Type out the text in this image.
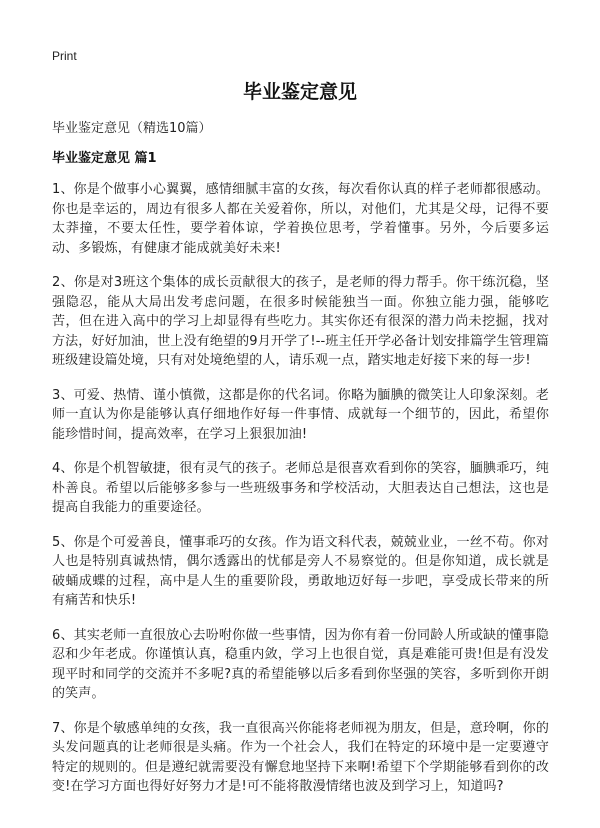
Print
毕业鉴定意见
毕业鉴定意见（精选10篇）
毕业鉴定意见 篇1

1、你是个做事小心翼翼，感情细腻丰富的女孩，每次看你认真的样子老师都很感动。你也是幸运的，周边有很多人都在关爱着你，所以，对他们，尤其是父母，记得不要太莽撞，不要太任性，要学着体谅，学着换位思考，学着懂事。另外，今后要多运动、多锻炼，有健康才能成就美好未来!

2、你是对3班这个集体的成长贡献很大的孩子，是老师的得力帮手。你干练沉稳，坚强隐忍，能从大局出发考虑问题，在很多时候能独当一面。你独立能力强，能够吃苦，但在进入高中的学习上却显得有些吃力。其实你还有很深的潜力尚未挖掘，找对方法，好好加油，世上没有绝望的9月开学了!--班主任开学必备计划安排篇学生管理篇班级建设篇处境，只有对处境绝望的人，请乐观一点，踏实地走好接下来的每一步!

3、可爱、热情、谨小慎微，这都是你的代名词。你略为腼腆的微笑让人印象深刻。老师一直认为你是能够认真仔细地作好每一件事情、成就每一个细节的，因此，希望你能珍惜时间，提高效率，在学习上狠狠加油!

4、你是个机智敏捷，很有灵气的孩子。老师总是很喜欢看到你的笑容，腼腆乖巧，纯朴善良。希望以后能够多参与一些班级事务和学校活动，大胆表达自己想法，这也是提高自我能力的重要途径。

5、你是个可爱善良，懂事乖巧的女孩。作为语文科代表，兢兢业业，一丝不苟。你对人也是特别真诚热情，偶尔透露出的忧郁是旁人不易察觉的。但是你知道，成长就是破蛹成蝶的过程，高中是人生的重要阶段，勇敢地迈好每一步吧，享受成长带来的所有痛苦和快乐!

6、其实老师一直很放心去吩咐你做一些事情，因为你有着一份同龄人所或缺的懂事隐忍和少年老成。你谨慎认真，稳重内敛，学习上也很自觉，真是难能可贵!但是有没发现平时和同学的交流并不多呢?真的希望能够以后多看到你坚强的笑容，多听到你开朗的笑声。

7、你是个敏感单纯的女孩，我一直很高兴你能将老师视为朋友，但是，意玲啊，你的头发问题真的让老师很是头痛。作为一个社会人，我们在特定的环境中是一定要遵守特定的规则的。但是遵纪就需要没有懈怠地坚持下来啊!希望下个学期能够看到你的改变!在学习方面也得好好努力才是!可不能将散漫情绪也波及到学习上，知道吗?
